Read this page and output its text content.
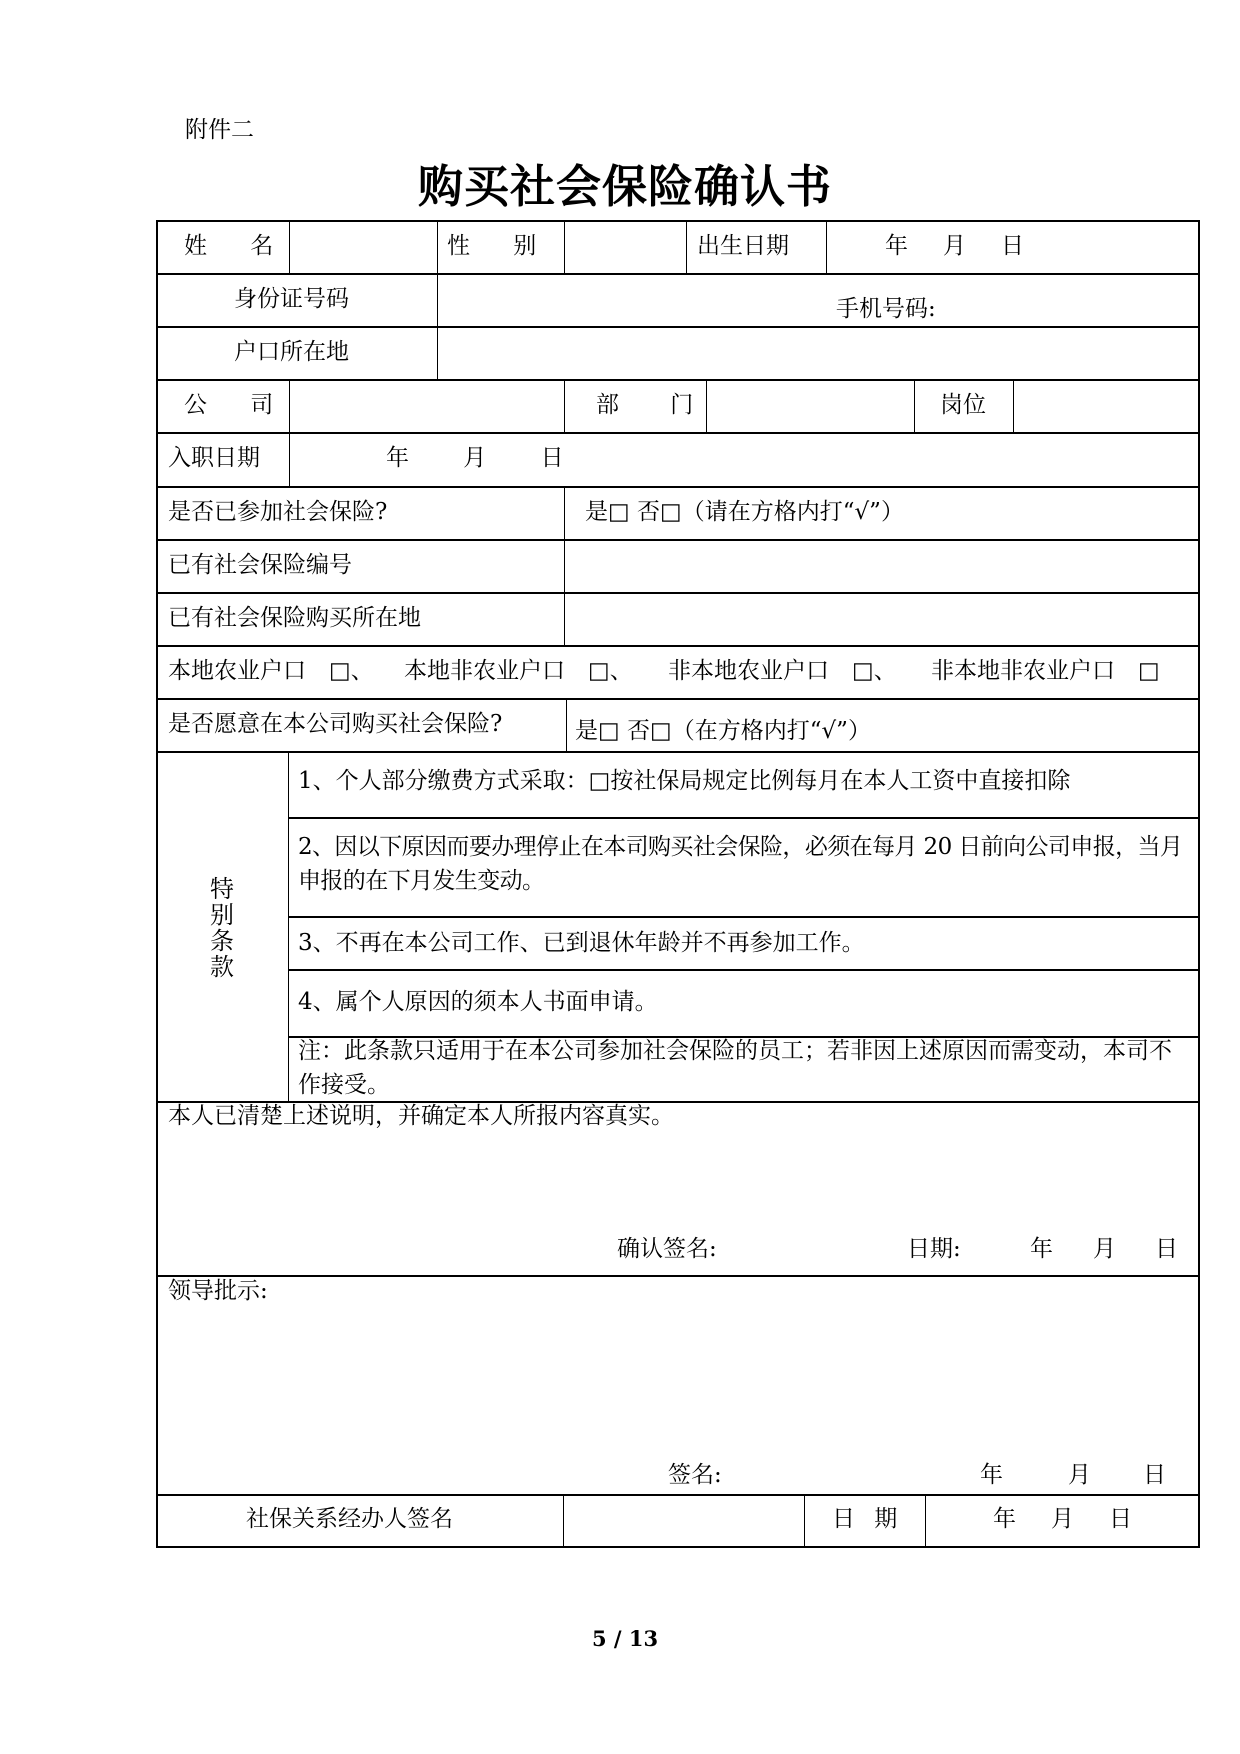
附件二
购买社会保险确认书
姓 名	性 别	出生日期	年　月　日
身份证号码	手机号码:
户口所在地
公 司	部 门	岗位
入职日期	年　 月　 日
是否已参加社会保险?	是□ 否□（请在方格内打“√”）
已有社会保险编号
已有社会保险购买所在地
本地农业户口　□、 本地非农业户口　□、 非本地农业户口　□、 非本地非农业户口　□
是否愿意在本公司购买社会保险?	是□ 否□（在方格内打“√”）
特
别
条
款
1、个人部分缴费方式采取：□按社保局规定比例每月在本人工资中直接扣除
2、因以下原因而要办理停止在本司购买社会保险，必须在每月 20 日前向公司申报，当月申报的在下月发生变动。
3、不再在本公司工作、已到退休年龄并不再参加工作。
4、属个人原因的须本人书面申请。
注：此条款只适用于在本公司参加社会保险的员工；若非因上述原因而需变动，本司不作接受。
本人已清楚上述说明，并确定本人所报内容真实。
确认签名:	日期:	年 月 日
领导批示:
签名:	年	月 日
社保关系经办人签名	日 期	年　月　日
5 / 13
